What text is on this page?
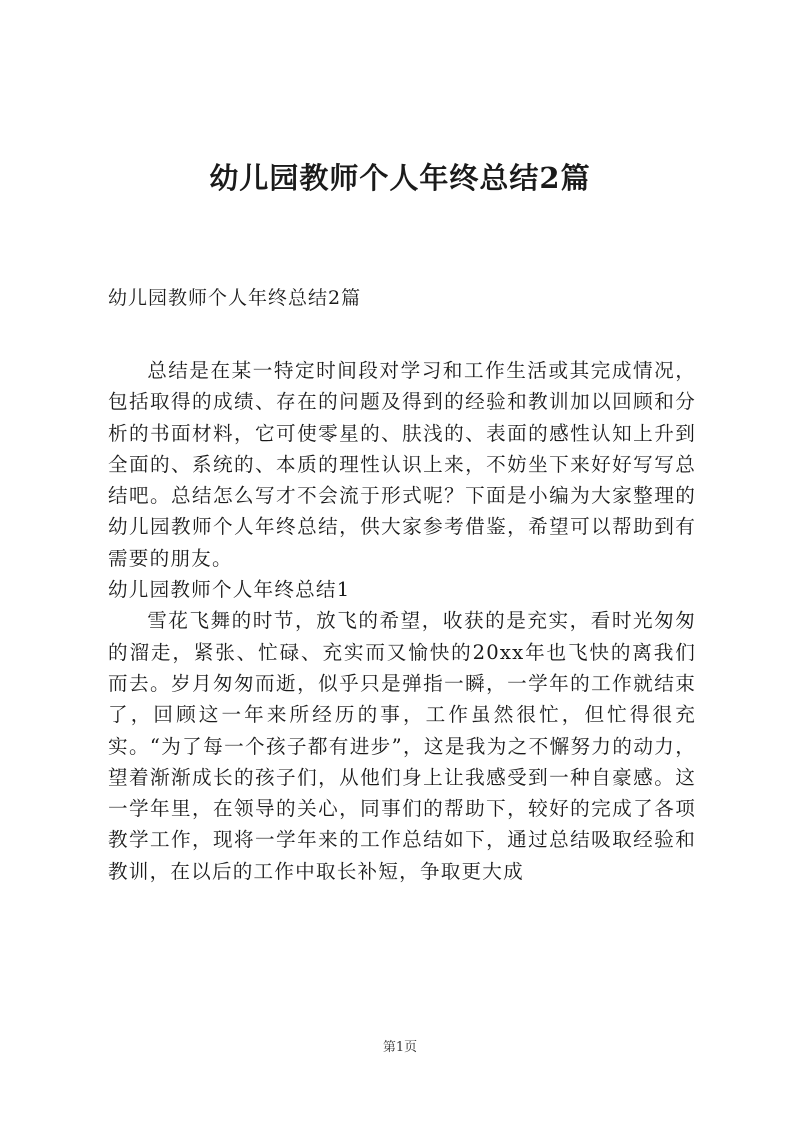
幼儿园教师个人年终总结2篇

幼儿园教师个人年终总结2篇

总结是在某一特定时间段对学习和工作生活或其完成情况，包括取得的成绩、存在的问题及得到的经验和教训加以回顾和分析的书面材料，它可使零星的、肤浅的、表面的感性认知上升到全面的、系统的、本质的理性认识上来，不妨坐下来好好写写总结吧。总结怎么写才不会流于形式呢？下面是小编为大家整理的幼儿园教师个人年终总结，供大家参考借鉴，希望可以帮助到有需要的朋友。

幼儿园教师个人年终总结1

雪花飞舞的时节，放飞的希望，收获的是充实，看时光匆匆的溜走，紧张、忙碌、充实而又愉快的20xx年也飞快的离我们而去。岁月匆匆而逝，似乎只是弹指一瞬，一学年的工作就结束了，回顾这一年来所经历的事，工作虽然很忙，但忙得很充实。“为了每一个孩子都有进步”，这是我为之不懈努力的动力，望着渐渐成长的孩子们，从他们身上让我感受到一种自豪感。这一学年里，在领导的关心，同事们的帮助下，较好的完成了各项教学工作，现将一学年来的工作总结如下，通过总结吸取经验和教训，在以后的工作中取长补短，争取更大成

第1页
